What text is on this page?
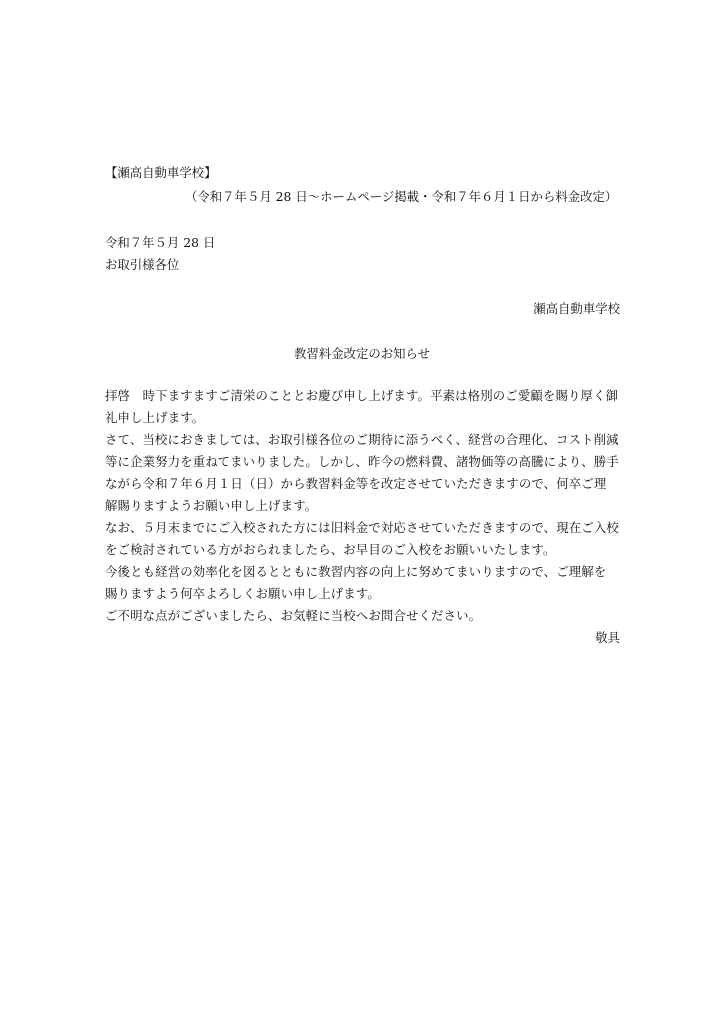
【瀬高自動車学校】
（令和７年５月 28 日～ホームページ掲載・令和７年６月１日から料金改定）
令和７年５月 28 日
お取引様各位
瀬高自動車学校
教習料金改定のお知らせ
拝啓　時下ますますご清栄のこととお慶び申し上げます。平素は格別のご愛顧を賜り厚く御
礼申し上げます。
さて、当校におきましては、お取引様各位のご期待に添うべく、経営の合理化、コスト削減
等に企業努力を重ねてまいりました。しかし、昨今の燃料費、諸物価等の高騰により、勝手
ながら令和７年６月１日（日）から教習料金等を改定させていただきますので、何卒ご理
解賜りますようお願い申し上げます。
なお、５月末までにご入校された方には旧料金で対応させていただきますので、現在ご入校
をご検討されている方がおられましたら、お早目のご入校をお願いいたします。
今後とも経営の効率化を図るとともに教習内容の向上に努めてまいりますので、ご理解を
賜りますよう何卒よろしくお願い申し上げます。
ご不明な点がございましたら、お気軽に当校へお問合せください。
敬具
